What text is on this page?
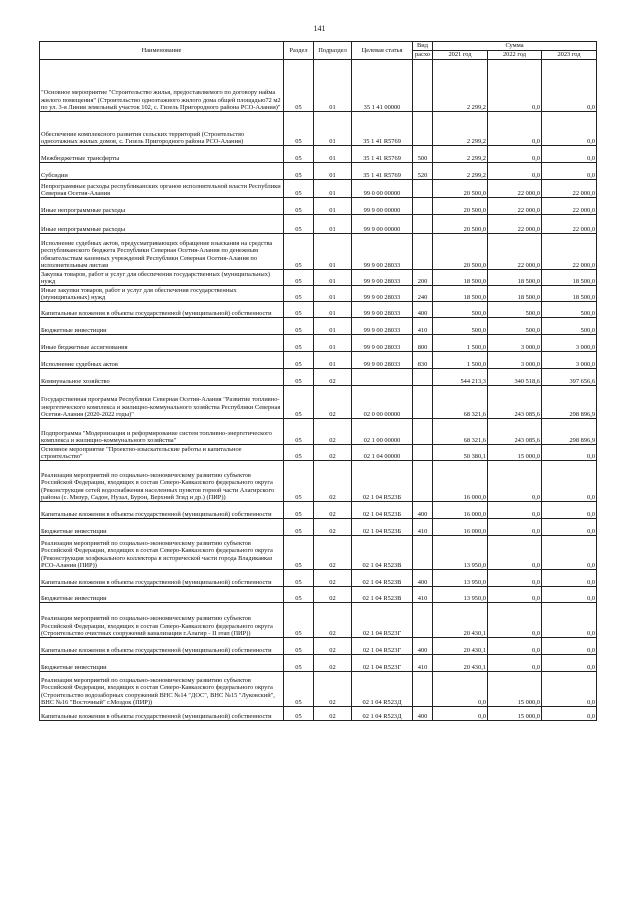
141
Наименование	Раздел	Подраздел	Целевая статья	Вид	Сумма		
				расхо	2021 год	2022 год	2023 год
"Основное мероприятие "Строительство жилья, предоставляемого по договору найма жилого помещения" (Строительство одноэтажного жилого дома общей площадью72 м2 по ул. 3-я Линия земельный участок 102, с. Гизель Пригородного района РСО-Алания)"	05	01	35 1 41 00000		2 299,2	0,0	0,0
Обеспечение комплексного развития сельских территорий (Строительство одноэтажных жилых домов, с. Гизель Пригородного района РСО-Алания)	05	01	35 1 41 R5769		2 299,2	0,0	0,0
Межбюджетные трансферты	05	01	35 1 41 R5769	500	2 299,2	0,0	0,0
Субсидии	05	01	35 1 41 R5769	520	2 299,2	0,0	0,0
Непрограммные расходы республиканских органов исполнительной власти Республики Северная Осетия-Алания	05	01	99 0 00 00000		20 500,0	22 000,0	22 000,0
Иные непрограммные расходы	05	01	99 9 00 00000		20 500,0	22 000,0	22 000,0
Иные непрограммные расходы	05	01	99 9 00 00000		20 500,0	22 000,0	22 000,0
Исполнение судебных актов, предусматривающих обращение взыскания на средства республиканского бюджета Республики Северная Осетия-Алания по денежным обязательствам казенных учреждений Республики Северная Осетия-Алания по исполнительным листам	05	01	99 9 00 28033		20 500,0	22 000,0	22 000,0
Закупка товаров, работ и услуг для обеспечения государственных (муниципальных) нужд	05	01	99 9 00 28033	200	18 500,0	18 500,0	18 500,0
Иные закупки товаров, работ и услуг для обеспечения государственных (муниципальных) нужд	05	01	99 9 00 28033	240	18 500,0	18 500,0	18 500,0
Капитальные вложения в объекты государственной (муниципальной) собственности	05	01	99 9 00 28033	400	500,0	500,0	500,0
Бюджетные инвестиции	05	01	99 9 00 28033	410	500,0	500,0	500,0
Иные бюджетные ассигнования	05	01	99 9 00 28033	800	1 500,0	3 000,0	3 000,0
Исполнение судебных актов	05	01	99 9 00 28033	830	1 500,0	3 000,0	3 000,0
Коммунальное хозяйство	05	02			544 213,3	340 518,6	397 656,6
Государственная программа Республики Северная Осетия-Алания "Развитие топливно-энергетического комплекса и жилищно-коммунального хозяйства Республики Северная Осетия-Алания (2020-2022 годы)"	05	02	02 0 00 00000		68 321,6	243 085,6	298 896,9
Подпрограмма "Модернизация и реформирование систем топливно-энергетического комплекса и жилищно-коммунального хозяйства"	05	02	02 1 00 00000		68 321,6	243 085,6	298 896,9
Основное мероприятие "Проектно-изыскательские работы и капитальное строительство"	05	02	02 1 04 00000		50 380,1	15 000,0	0,0
Реализация мероприятий по социально-экономическому развитию субъектов Российской Федерации, входящих в состав Северо-Кавказского федерального округа (Реконструкция сетей водоснабжения населенных пунктов горной части Алагирского района (с. Мизур, Садон, Нузал, Бурон, Верхний Згид и др.) (ПИР))	05	02	02 1 04 R523Б		16 000,0	0,0	0,0
Капитальные вложения в объекты государственной (муниципальной) собственности	05	02	02 1 04 R523Б	400	16 000,0	0,0	0,0
Бюджетные инвестиции	05	02	02 1 04 R523Б	410	16 000,0	0,0	0,0
Реализация мероприятий по социально-экономическому развитию субъектов Российской Федерации, входящих в состав Северо-Кавказского федерального округа (Реконструкция хозфекального коллектора в исторической части города Владикавказ РСО-Алания (ПИР))	05	02	02 1 04 R523В		13 950,0	0,0	0,0
Капитальные вложения в объекты государственной (муниципальной) собственности	05	02	02 1 04 R523В	400	13 950,0	0,0	0,0
Бюджетные инвестиции	05	02	02 1 04 R523В	410	13 950,0	0,0	0,0
Реализация мероприятий по социально-экономическому развитию субъектов Российской Федерации, входящих в состав Северо-Кавказского федерального округа (Строительство очистных сооружений канализации г.Алагир - II этап (ПИР))	05	02	02 1 04 R523Г		20 430,1	0,0	0,0
Капитальные вложения в объекты государственной (муниципальной) собственности	05	02	02 1 04 R523Г	400	20 430,1	0,0	0,0
Бюджетные инвестиции	05	02	02 1 04 R523Г	410	20 430,1	0,0	0,0
Реализация мероприятий по социально-экономическому развитию субъектов Российской Федерации, входящих в состав Северо-Кавказского федерального округа (Строительство водозаборных сооружений ВНС №14 "ДОС", ВНС №15 "Луковский", ВНС №16 "Восточный" г.Моздок (ПИР))	05	02	02 1 04 R523Д		0,0	15 000,0	0,0
Капитальные вложения в объекты государственной (муниципальной) собственности	05	02	02 1 04 R523Д	400	0,0	15 000,0	0,0
